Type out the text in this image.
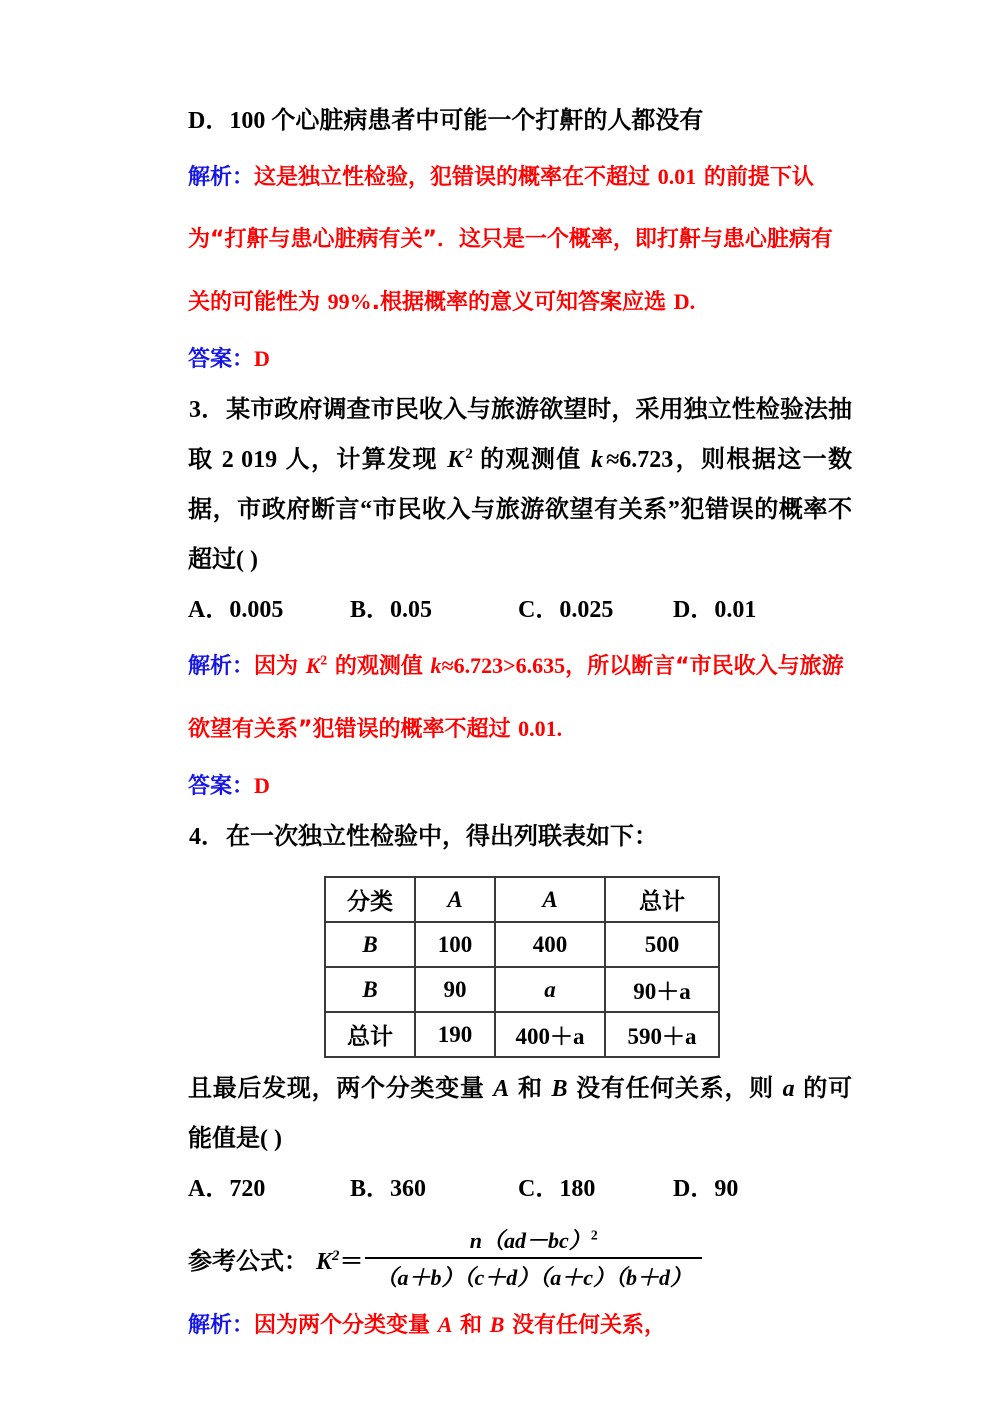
D．100 个心脏病患者中可能一个打鼾的人都没有
解析：这是独立性检验，犯错误的概率在不超过 0.01 的前提下认为“打鼾与患心脏病有关”．这只是一个概率，即打鼾与患心脏病有关的可能性为 99%.根据概率的意义可知答案应选 D.
答案：D
3．某市政府调查市民收入与旅游欲望时，采用独立性检验法抽取 2 019 人，计算发现 K $^2$ 的观测值 k ≈6.723，则根据这一数据，市政府断言“市民收入与旅游欲望有关系”犯错误的概率不超过( )
A．0.005	B．0.05	C．0.025	D．0.01
解析：因为 $K^2$ 的观测值 k≈6.723>6.635，所以断言“市民收入与旅游欲望有关系”犯错误的概率不超过 0.01.
答案：D
4．在一次独立性检验中，得出列联表如下：
分类	A	A	总计
B	100	400	500
B	90	a	90＋a
总计	190	400＋a	590＋a
且最后发现，两个分类变量 A 和 B 没有任何关系，则 a 的可能值是( )
A．720	B．360	C．180	D．90
参考公式： $K^2= \frac{n(ad-bc)^2}{(a+b)(c+d)(a+c)(b+d)}$
解析：因为两个分类变量 A 和 B 没有任何关系，
